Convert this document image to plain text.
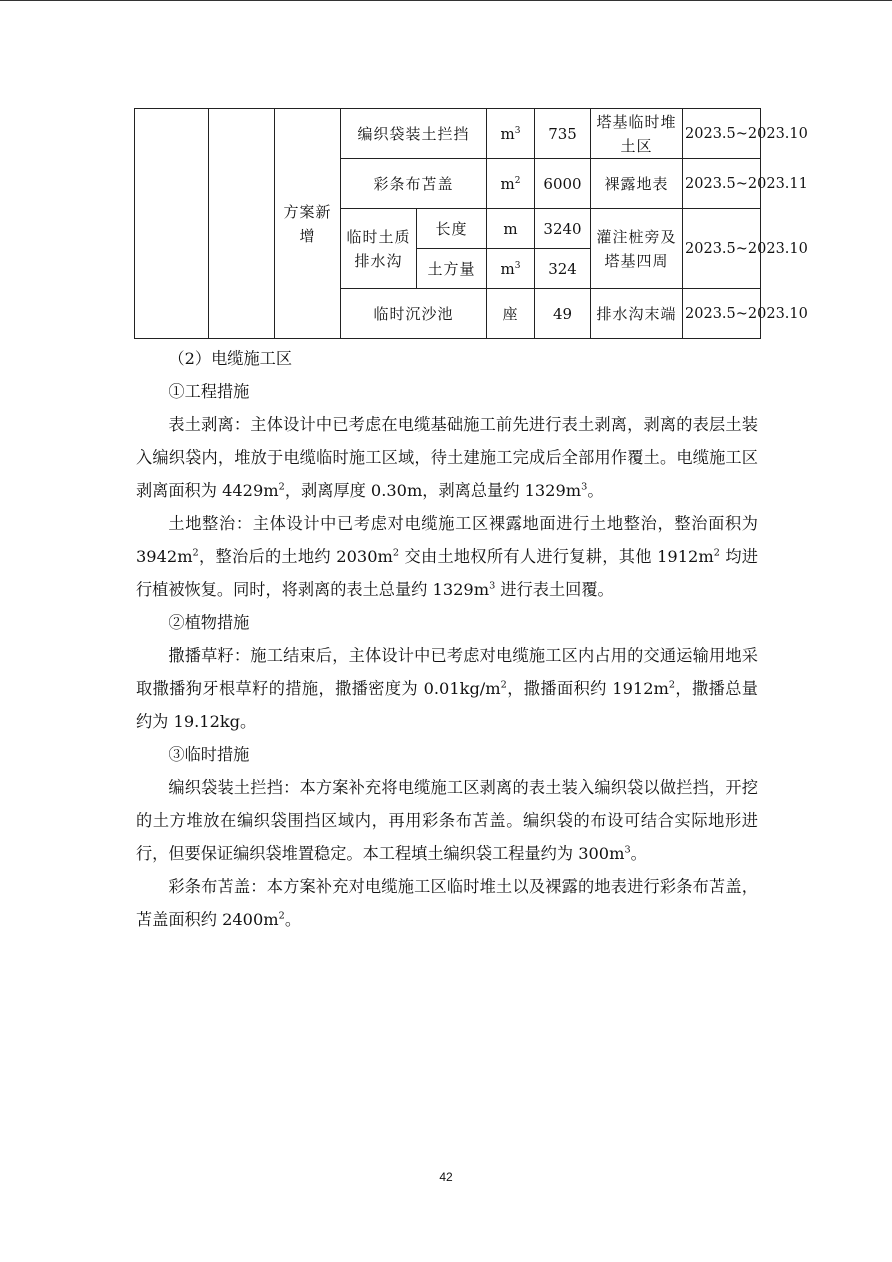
		方案新增	编织袋装土拦挡		$m^3$	735	塔基临时堆土区	2023.5~2023.10
			彩条布苫盖		$m^2$	6000	裸露地表	2023.5~2023.11
			临时土质排水沟	长度	m	3240	灌注桩旁及塔基四周	2023.5~2023.10
				土方量	$m^3$	324		
			临时沉沙池		座	49	排水沟末端	2023.5~2023.10

（2）电缆施工区

①工程措施

表土剥离：主体设计中已考虑在电缆基础施工前先进行表土剥离，剥离的表层土装入编织袋内，堆放于电缆临时施工区域，待土建施工完成后全部用作覆土。电缆施工区剥离面积为 $4429m^2$，剥离厚度 0.30m，剥离总量约 $1329m^3$。

土地整治：主体设计中已考虑对电缆施工区裸露地面进行土地整治，整治面积为 $3942m^2$，整治后的土地约 $2030m^2$ 交由土地权所有人进行复耕，其他 $1912m^2$ 均进行植被恢复。同时，将剥离的表土总量约 $1329m^3$ 进行表土回覆。

②植物措施

撒播草籽：施工结束后，主体设计中已考虑对电缆施工区内占用的交通运输用地采取撒播狗牙根草籽的措施，撒播密度为 $0.01kg/m^2$，撒播面积约 $1912m^2$，撒播总量约为 19.12kg。

③临时措施

编织袋装土拦挡：本方案补充将电缆施工区剥离的表土装入编织袋以做拦挡，开挖的土方堆放在编织袋围挡区域内，再用彩条布苫盖。编织袋的布设可结合实际地形进行，但要保证编织袋堆置稳定。本工程填土编织袋工程量约为 $300m^3$。

彩条布苫盖：本方案补充对电缆施工区临时堆土以及裸露的地表进行彩条布苫盖，苫盖面积约 $2400m^2$。

42
